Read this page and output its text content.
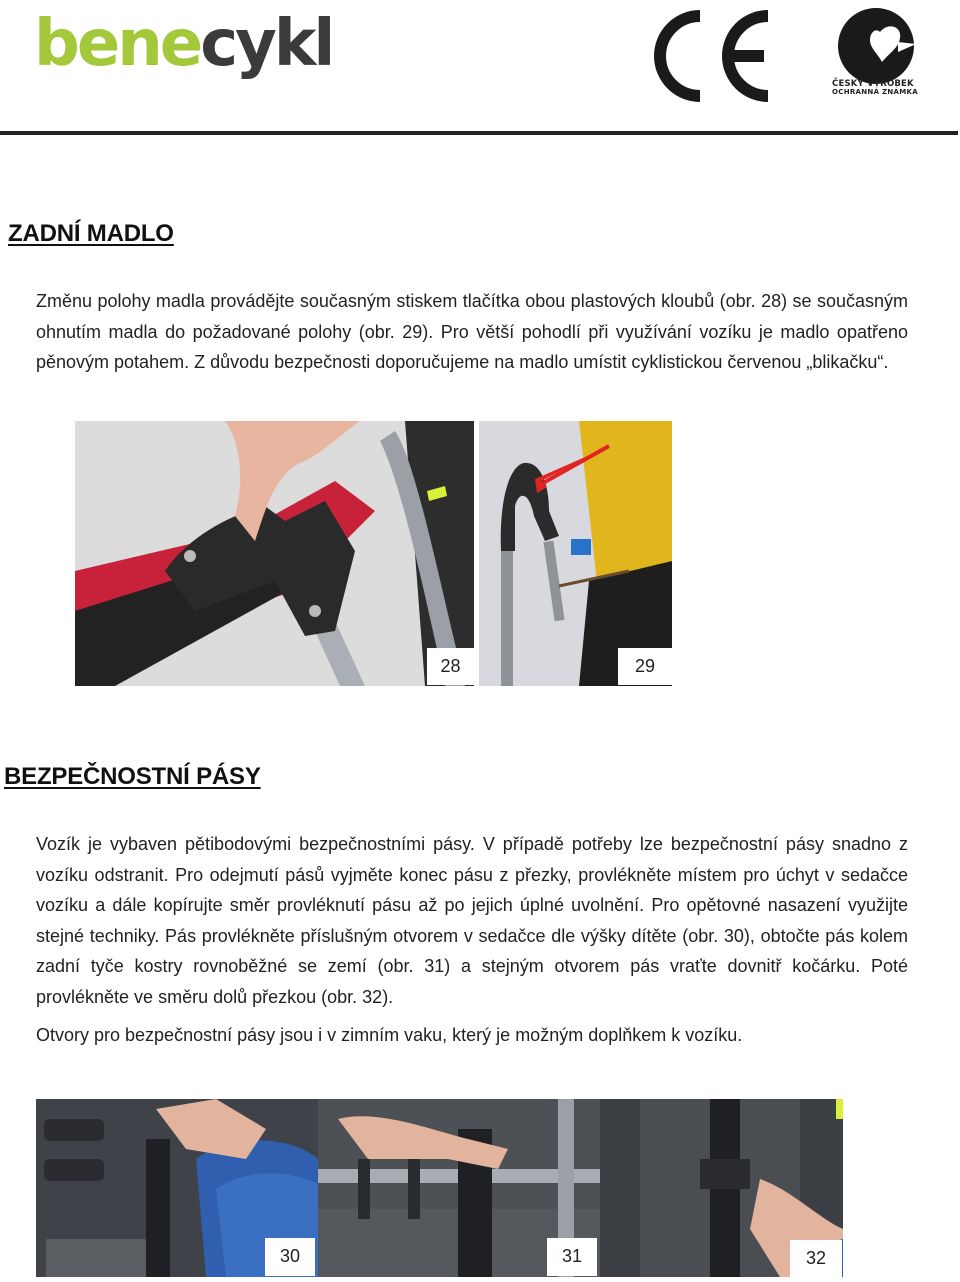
benecykl
ČESKÝ VÝROBEK
OCHRANNÁ ZNÁMKA
ZADNÍ MADLO

Změnu polohy madla provádějte současným stiskem tlačítka obou plastových kloubů (obr. 28) se současným ohnutím madla do požadované polohy (obr. 29). Pro větší pohodlí při využívání vozíku je madlo opatřeno pěnovým potahem. Z důvodu bezpečnosti doporučujeme na madlo umístit cyklistickou červenou „blikačku“.

28	29
BEZPEČNOSTNÍ PÁSY

Vozík je vybaven pětibodovými bezpečnostními pásy. V případě potřeby lze bezpečnostní pásy snadno z vozíku odstranit. Pro odejmutí pásů vyjměte konec pásu z přezky, provlékněte místem pro úchyt v sedačce vozíku a dále kopírujte směr provléknutí pásu až po jejich úplné uvolnění. Pro opětovné nasazení využijte stejné techniky. Pás provlékněte příslušným otvorem v sedačce dle výšky dítěte (obr. 30), obtočte pás kolem zadní tyče kostry rovnoběžné se zemí (obr. 31) a stejným otvorem pás vraťte dovnitř kočárku. Poté provlékněte ve směru dolů přezkou (obr. 32).

Otvory pro bezpečnostní pásy jsou i v zimním vaku, který je možným doplňkem k vozíku.

30	31	32
